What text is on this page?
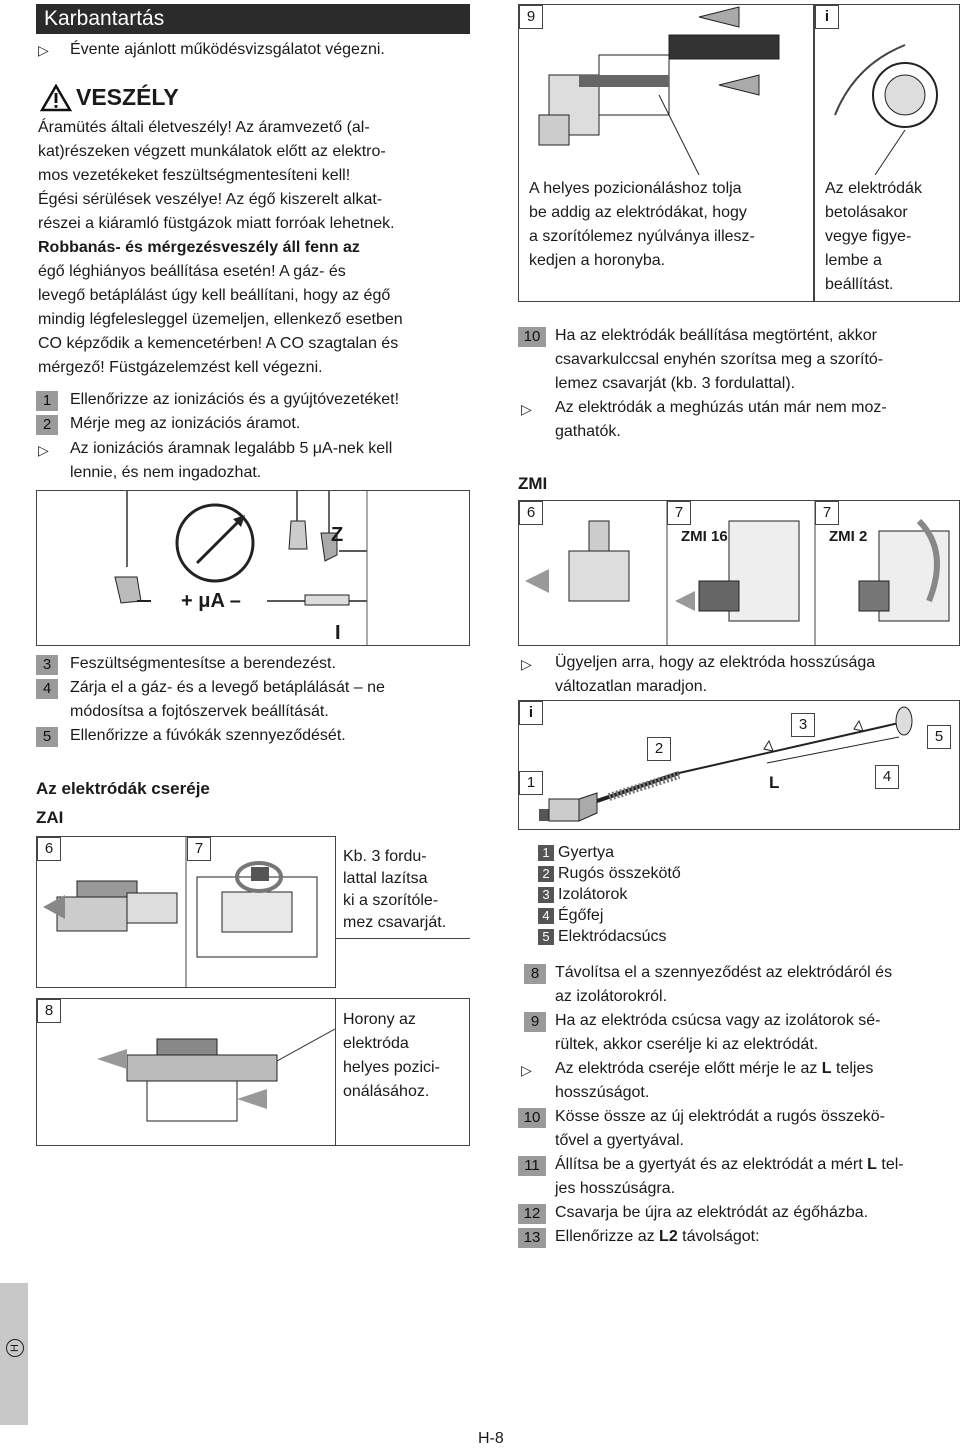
Karbantartás
▷ Évente ajánlott működésvizsgálatot végezni.
VESZÉLY
Áramütés általi életveszély! Az áramvezető (al-
kat)részeken végzett munkálatok előtt az elektro-
mos vezetékeket feszültségmentesíteni kell!
Égési sérülések veszélye! Az égő kiszerelt alkat-
részei a kiáramló füstgázok miatt forróak lehetnek.
Robbanás- és mérgezésveszély áll fenn az
égő léghiányos beállítása esetén! A gáz- és
levegő betáplálást úgy kell beállítani, hogy az égő
mindig légfelesleggel üzemeljen, ellenkező esetben
CO képződik a kemencetérben! A CO szagtalan és
mérgező! Füstgázelemzést kell végezni.
1	Ellenőrizze az ionizációs és a gyújtóvezetéket!
2	Mérje meg az ionizációs áramot.
▷ Az ionizációs áramnak legalább 5 μA-nek kell
lennie, és nem ingadozhat.
+ μA –
Z
I
3	Feszültségmentesítse a berendezést.
4	Zárja el a gáz- és a levegő betáplálását – ne
módosítsa a fojtószervek beállítását.
5	Ellenőrizze a fúvókák szennyeződését.
Az elektródák cseréje
ZAI
6	7	Kb. 3 fordu-
lattal lazítsa
ki a szorítóle-
mez csavarját.
8
Horony az
elektróda
helyes pozici-
onálásához.
9
A helyes pozicionáláshoz tolja
be addig az elektródákat, hogy
a szorítólemez nyúlványa illesz-
kedjen a horonyba.
i
Az elektródák
betolásakor
vegye figye-
lembe a
beállítást.
10 Ha az elektródák beállítása megtörtént, akkor
csavarkulccsal enyhén szorítsa meg a szorító-
lemez csavarját (kb. 3 fordulattal).
▷ Az elektródák a meghúzás után már nem moz-
gathatók.
ZMI
6	7	7
ZMI 16	ZMI 2
▷ Ügyeljen arra, hogy az elektróda hosszúsága
változatlan maradjon.
i
1
2
3
4
5
L
1 Gyertya
2 Rugós összekötő
3 Izolátorok
4 Égőfej
5 Elektródacsúcs
8 Távolítsa el a szennyeződést az elektródáról és
az izolátorokról.
9 Ha az elektróda csúcsa vagy az izolátorok sé-
rültek, akkor cserélje ki az elektródát.
▷ Az elektróda cseréje előtt mérje le az L teljes
hosszúságot.
10 Kösse össze az új elektródát a rugós összekö-
tővel a gyertyával.
11 Állítsa be a gyertyát és az elektródát a mért L tel-
jes hosszúságra.
12 Csavarja be újra az elektródát az égőházba.
13 Ellenőrizze az L2 távolságot:
H
H-8
